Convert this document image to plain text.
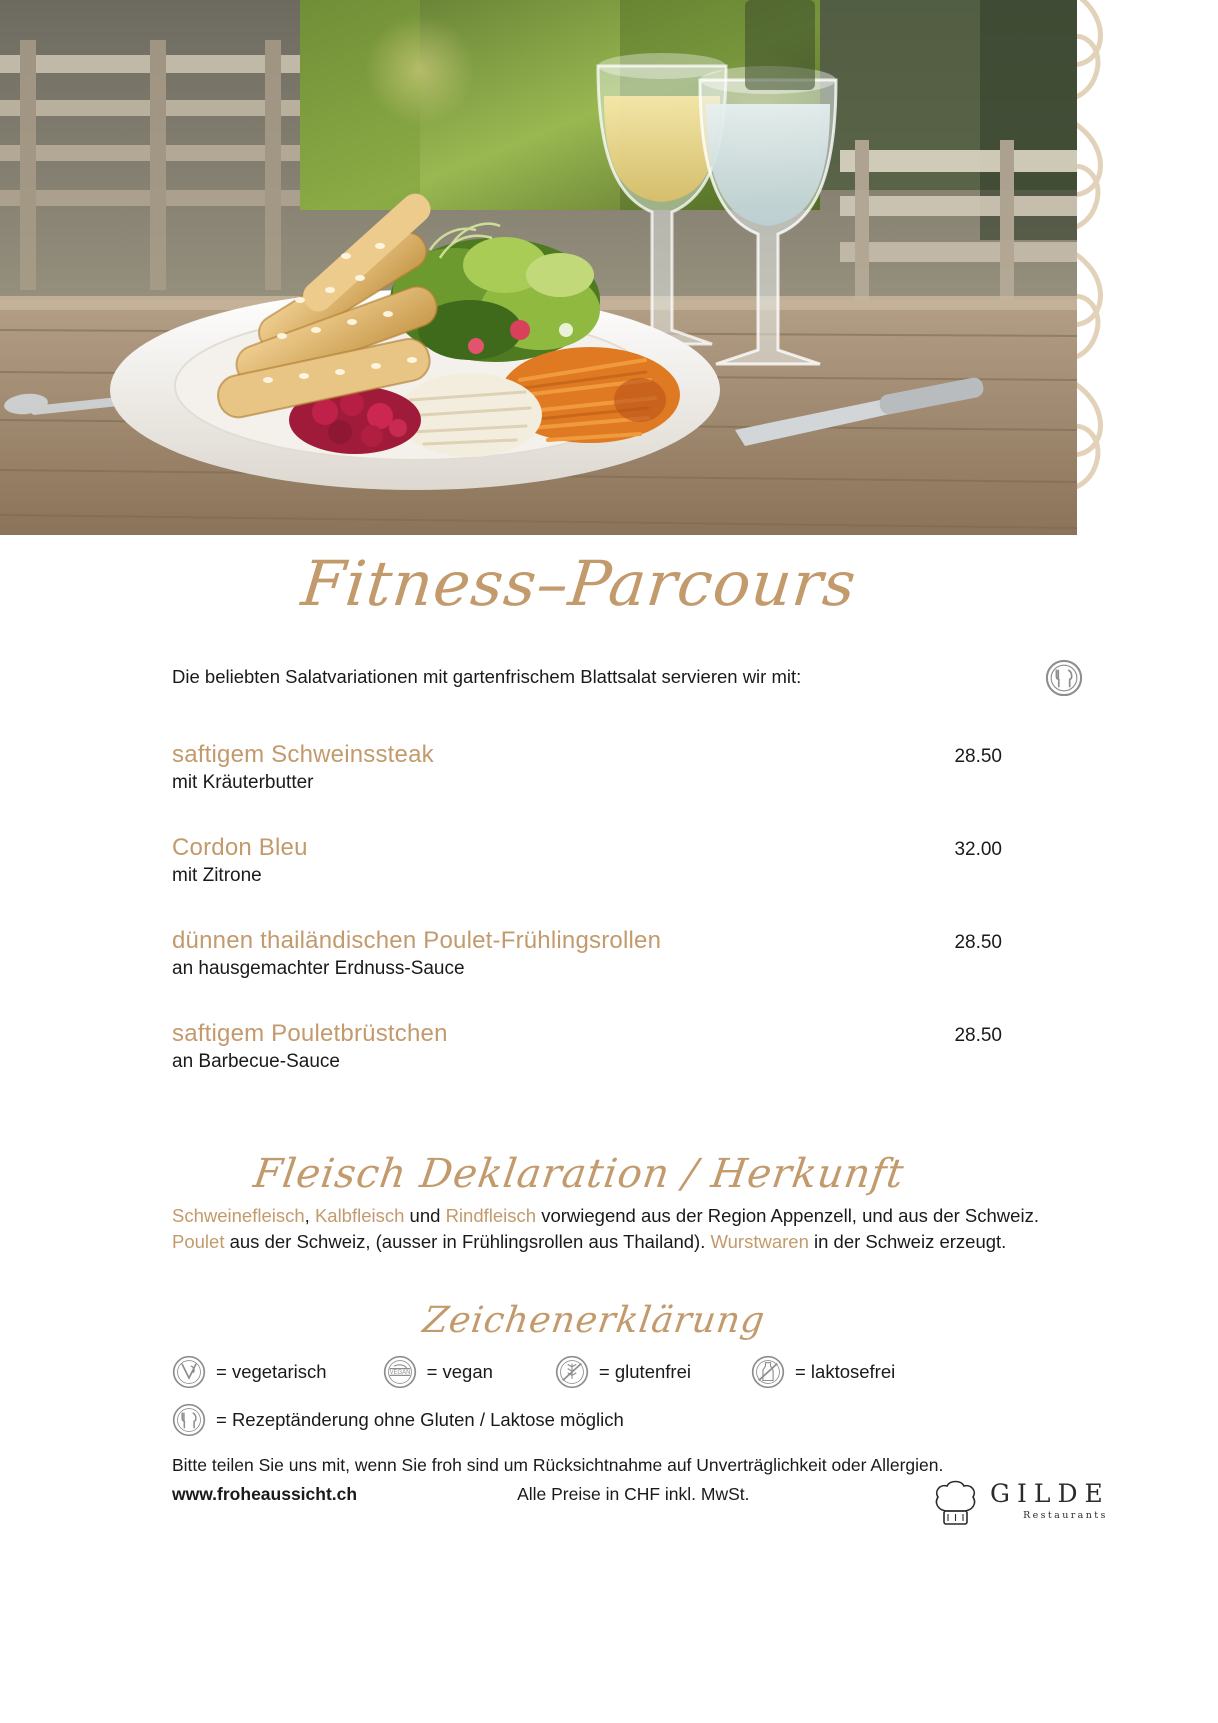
Fitness–Parcours
Die beliebten Salatvariationen mit gartenfrischem Blattsalat servieren wir mit:
saftigem Schweinssteak	28.50
mit Kräuterbutter
Cordon Bleu	32.00
mit Zitrone
dünnen thailändischen Poulet-Frühlingsrollen	28.50
an hausgemachter Erdnuss-Sauce
saftigem Pouletbrüstchen	28.50
an Barbecue-Sauce
Fleisch Deklaration / Herkunft
Schweinefleisch, Kalbfleisch und Rindfleisch vorwiegend aus der Region Appenzell, und aus der Schweiz. Poulet aus der Schweiz, (ausser in Frühlingsrollen aus Thailand). Wurstwaren in der Schweiz erzeugt.
Zeichenerklärung
= vegetarisch	VEGAN = vegan	= glutenfrei	= laktosefrei
= Rezeptänderung ohne Gluten / Laktose möglich
Bitte teilen Sie uns mit, wenn Sie froh sind um Rücksichtnahme auf Unverträglichkeit oder Allergien.
www.froheaussicht.ch	Alle Preise in CHF inkl. MwSt.	GILDE
Restaurants
